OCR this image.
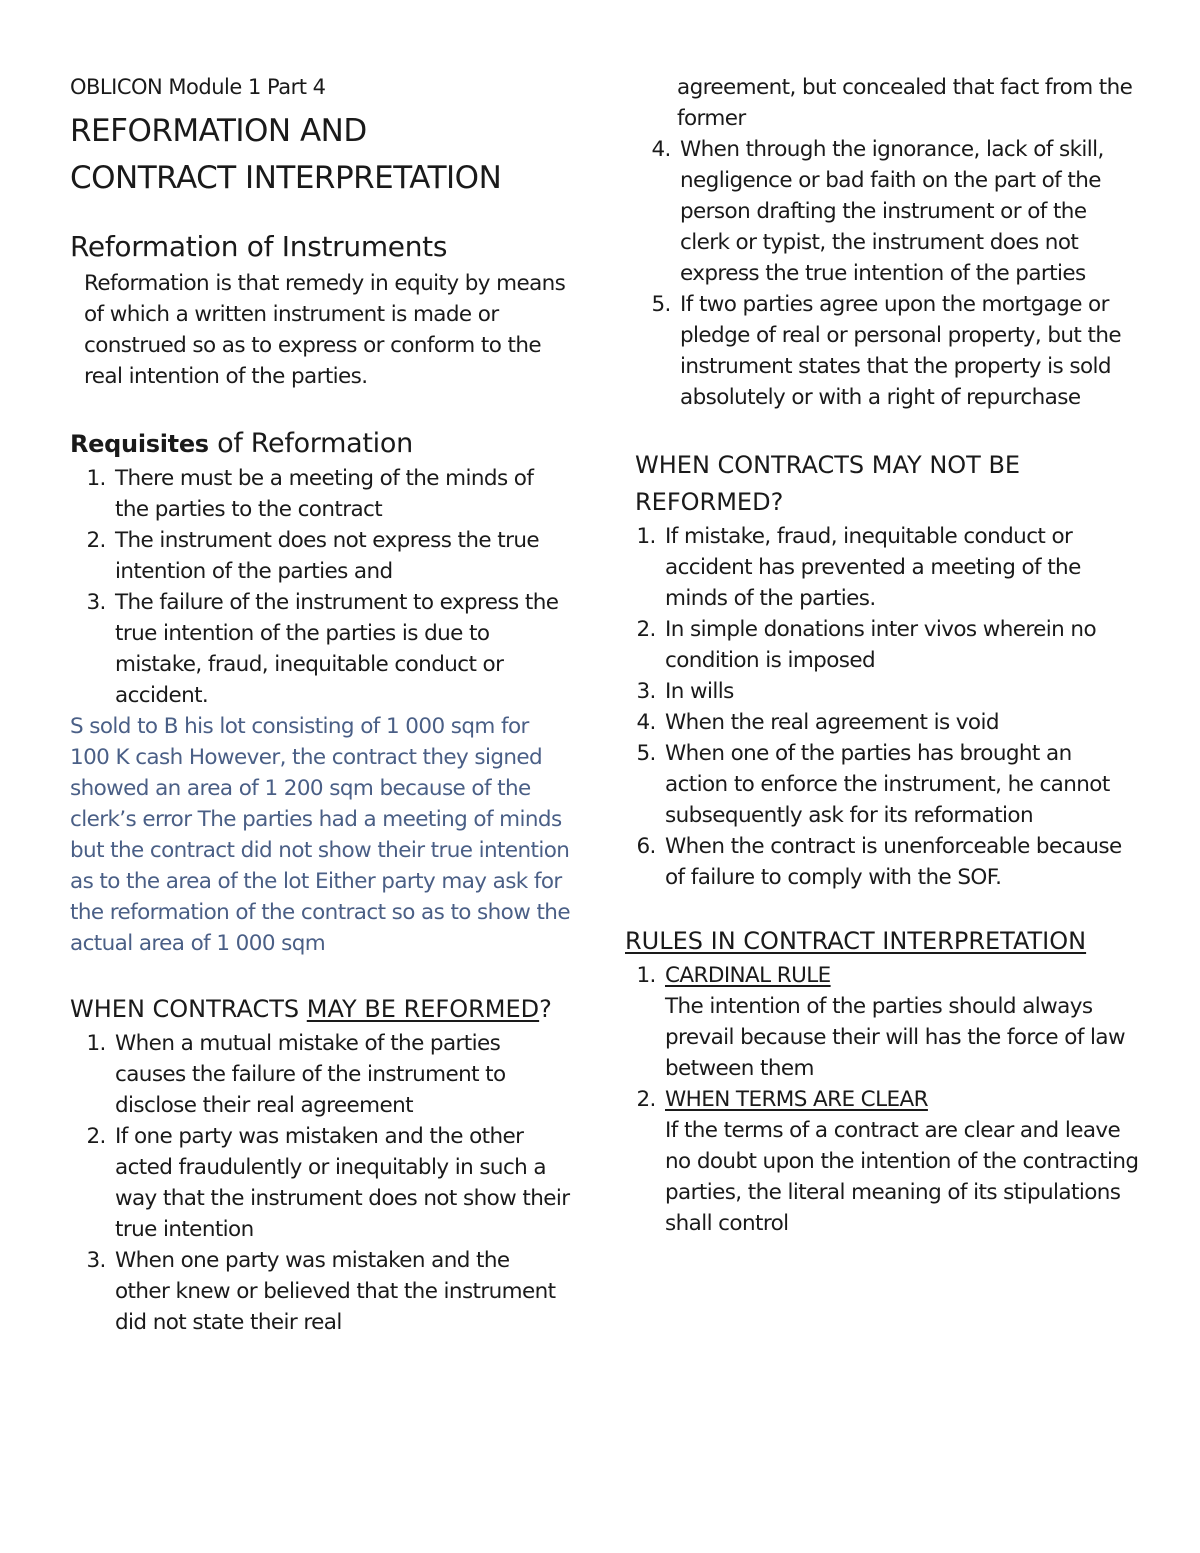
OBLICON Module 1 Part 4

REFORMATION AND
CONTRACT INTERPRETATION
Reformation of Instruments

Reformation is that remedy in equity by means of which a written instrument is made or construed so as to express or conform to the real intention of the parties.

Requisites of Reformation
1. There must be a meeting of the minds of the parties to the contract
2. The instrument does not express the true intention of the parties and
3. The failure of the instrument to express the true intention of the parties is due to mistake, fraud, inequitable conduct or accident.

S sold to B his lot consisting of 1 000 sqm for 100 K cash However, the contract they signed showed an area of 1 200 sqm because of the clerk’s error The parties had a meeting of minds but the contract did not show their true intention as to the area of the lot Either party may ask for the reformation of the contract so as to show the actual area of 1 000 sqm

WHEN CONTRACTS MAY BE REFORMED?
1. When a mutual mistake of the parties causes the failure of the instrument to disclose their real agreement
2. If one party was mistaken and the other acted fraudulently or inequitably in such a way that the instrument does not show their true intention
3. When one party was mistaken and the other knew or believed that the instrument did not state their real

agreement, but concealed that fact from the former

4. When through the ignorance, lack of skill, negligence or bad faith on the part of the person drafting the instrument or of the clerk or typist, the instrument does not express the true intention of the parties
5. If two parties agree upon the mortgage or pledge of real or personal property, but the instrument states that the property is sold absolutely or with a right of repurchase
WHEN CONTRACTS MAY NOT BE REFORMED?
1. If mistake, fraud, inequitable conduct or accident has prevented a meeting of the minds of the parties.
2. In simple donations inter vivos wherein no condition is imposed
3. In wills
4. When the real agreement is void
5. When one of the parties has brought an action to enforce the instrument, he cannot subsequently ask for its reformation
6. When the contract is unenforceable because of failure to comply with the SOF.
RULES IN CONTRACT INTERPRETATION
1. CARDINAL RULE
The intention of the parties should always prevail because their will has the force of law between them
2. WHEN TERMS ARE CLEAR
If the terms of a contract are clear and leave no doubt upon the intention of the contracting parties, the literal meaning of its stipulations shall control
